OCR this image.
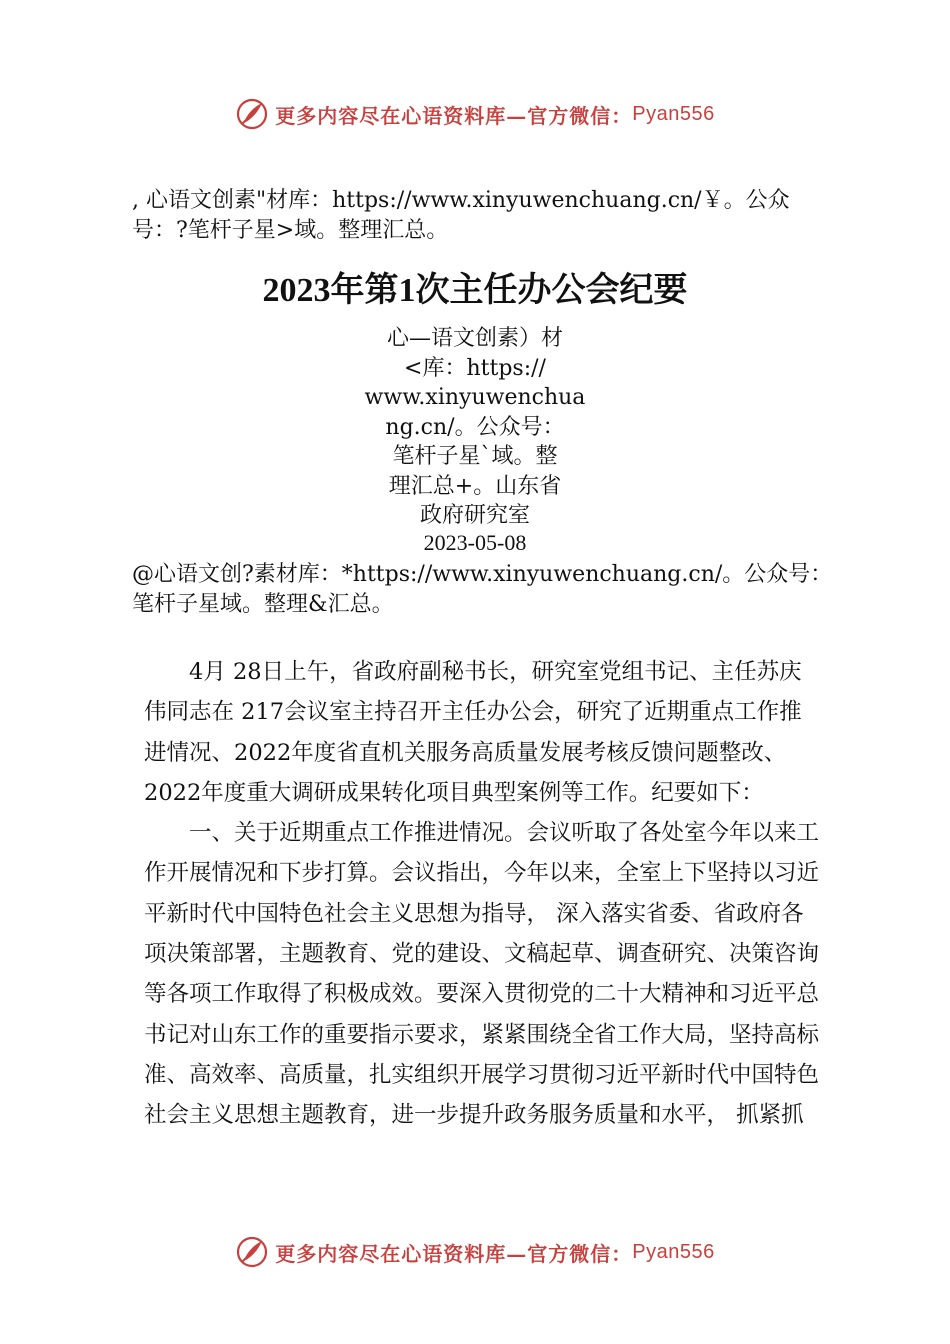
更多内容尽在心语资料库—官方微信： Pyan556
, 心语文创素"材库：https://www.xinyuwenchuang.cn/￥。公众号：?笔杆子星>域。整理汇总。
2023年第1次主任办公会纪要
心—语文创素）材
<库：https://
www.xinyuwenchua
ng.cn/。公众号：
笔杆子星`域。整
理汇总+。山东省
政府研究室
2023-05-08
@心语文创?素材库：*https://www.xinyuwenchuang.cn/。公众号：笔杆子星域。整理&汇总。

4月 28日上午，省政府副秘书长，研究室党组书记、主任苏庆伟同志在 217会议室主持召开主任办公会，研究了近期重点工作推进情况、2022年度省直机关服务高质量发展考核反馈问题整改、2022年度重大调研成果转化项目典型案例等工作。纪要如下：

一、关于近期重点工作推进情况。会议听取了各处室今年以来工作开展情况和下步打算。会议指出，今年以来，全室上下坚持以习近平新时代中国特色社会主义思想为指导， 深入落实省委、省政府各项决策部署，主题教育、党的建设、文稿起草、调查研究、决策咨询等各项工作取得了积极成效。要深入贯彻党的二十大精神和习近平总书记对山东工作的重要指示要求，紧紧围绕全省工作大局，坚持高标准、高效率、高质量，扎实组织开展学习贯彻习近平新时代中国特色社会主义思想主题教育，进一步提升政务服务质量和水平， 抓紧抓

更多内容尽在心语资料库—官方微信： Pyan556
